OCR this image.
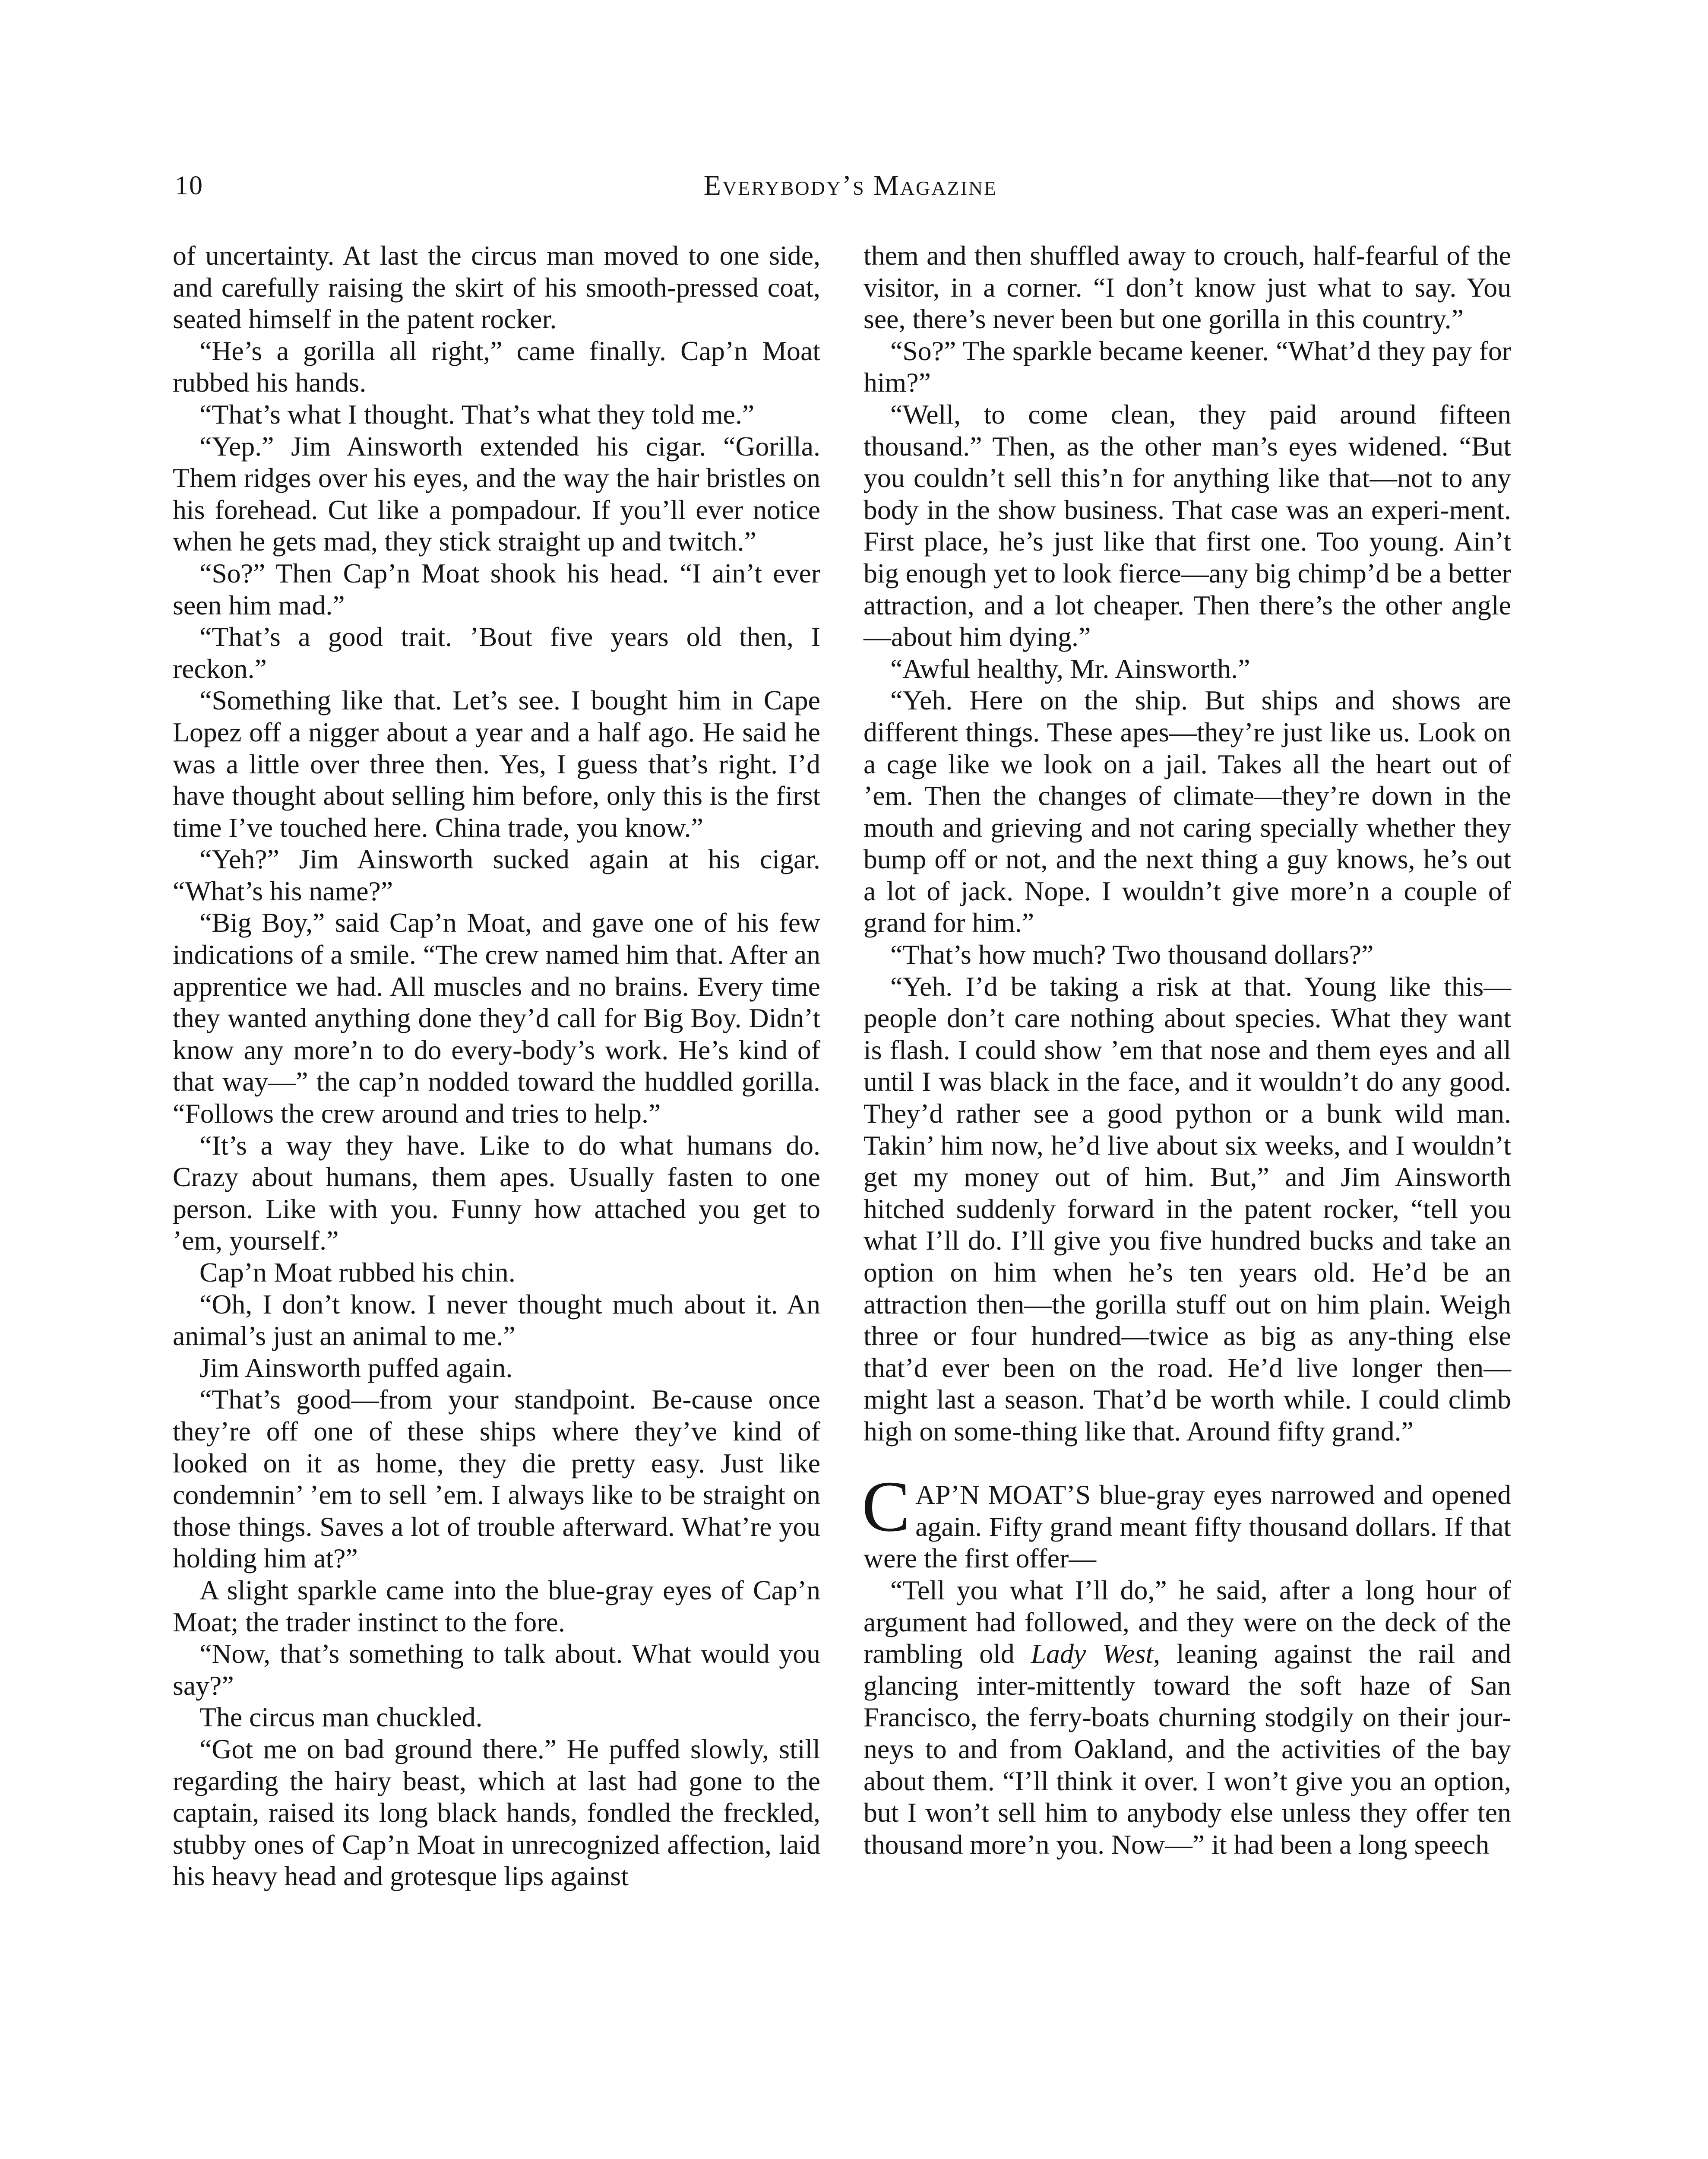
10	Everybody’s Magazine

of uncertainty. At last the circus man moved to one side, and carefully raising the skirt of his smooth-pressed coat, seated himself in the patent rocker.

“He’s a gorilla all right,” came finally. Cap’n Moat rubbed his hands.

“That’s what I thought. That’s what they told me.”

“Yep.” Jim Ainsworth extended his cigar. “Gorilla. Them ridges over his eyes, and the way the hair bristles on his forehead. Cut like a pompadour. If you’ll ever notice when he gets mad, they stick straight up and twitch.”

“So?” Then Cap’n Moat shook his head. “I ain’t ever seen him mad.”

“That’s a good trait. ’Bout five years old then, I reckon.”

“Something like that. Let’s see. I bought him in Cape Lopez off a nigger about a year and a half ago. He said he was a little over three then. Yes, I guess that’s right. I’d have thought about selling him before, only this is the first time I’ve touched here. China trade, you know.”

“Yeh?” Jim Ainsworth sucked again at his cigar. “What’s his name?”

“Big Boy,” said Cap’n Moat, and gave one of his few indications of a smile. “The crew named him that. After an apprentice we had. All muscles and no brains. Every time they wanted anything done they’d call for Big Boy. Didn’t know any more’n to do every-body’s work. He’s kind of that way—” the cap’n nodded toward the huddled gorilla. “Follows the crew around and tries to help.”

“It’s a way they have. Like to do what humans do. Crazy about humans, them apes. Usually fasten to one person. Like with you. Funny how attached you get to ’em, yourself.”

Cap’n Moat rubbed his chin.

“Oh, I don’t know. I never thought much about it. An animal’s just an animal to me.”

Jim Ainsworth puffed again.

“That’s good—from your standpoint. Be-cause once they’re off one of these ships where they’ve kind of looked on it as home, they die pretty easy. Just like condemnin’ ’em to sell ’em. I always like to be straight on those things. Saves a lot of trouble afterward. What’re you holding him at?”

A slight sparkle came into the blue-gray eyes of Cap’n Moat; the trader instinct to the fore.

“Now, that’s something to talk about. What would you say?”

The circus man chuckled.

“Got me on bad ground there.” He puffed slowly, still regarding the hairy beast, which at last had gone to the captain, raised its long black hands, fondled the freckled, stubby ones of Cap’n Moat in unrecognized affection, laid his heavy head and grotesque lips against

them and then shuffled away to crouch, half-fearful of the visitor, in a corner. “I don’t know just what to say. You see, there’s never been but one gorilla in this country.”

“So?” The sparkle became keener. “What’d they pay for him?”

“Well, to come clean, they paid around fifteen thousand.” Then, as the other man’s eyes widened. “But you couldn’t sell this’n for anything like that—not to any body in the show business. That case was an experi-ment. First place, he’s just like that first one. Too young. Ain’t big enough yet to look fierce—any big chimp’d be a better attraction, and a lot cheaper. Then there’s the other angle—about him dying.”

“Awful healthy, Mr. Ainsworth.”

“Yeh. Here on the ship. But ships and shows are different things. These apes—they’re just like us. Look on a cage like we look on a jail. Takes all the heart out of ’em. Then the changes of climate—they’re down in the mouth and grieving and not caring specially whether they bump off or not, and the next thing a guy knows, he’s out a lot of jack. Nope. I wouldn’t give more’n a couple of grand for him.”

“That’s how much? Two thousand dollars?”

“Yeh. I’d be taking a risk at that. Young like this—people don’t care nothing about species. What they want is flash. I could show ’em that nose and them eyes and all until I was black in the face, and it wouldn’t do any good. They’d rather see a good python or a bunk wild man. Takin’ him now, he’d live about six weeks, and I wouldn’t get my money out of him. But,” and Jim Ainsworth hitched suddenly forward in the patent rocker, “tell you what I’ll do. I’ll give you five hundred bucks and take an option on him when he’s ten years old. He’d be an attraction then—the gorilla stuff out on him plain. Weigh three or four hundred—twice as big as any-thing else that’d ever been on the road. He’d live longer then—might last a season. That’d be worth while. I could climb high on some-thing like that. Around fifty grand.”

CAP’N MOAT’S blue-gray eyes narrowed and opened again. Fifty grand meant fifty thousand dollars. If that were the first offer—

“Tell you what I’ll do,” he said, after a long hour of argument had followed, and they were on the deck of the rambling old Lady West, leaning against the rail and glancing inter-mittently toward the soft haze of San Francisco, the ferry-boats churning stodgily on their jour-neys to and from Oakland, and the activities of the bay about them. “I’ll think it over. I won’t give you an option, but I won’t sell him to anybody else unless they offer ten thousand more’n you. Now—” it had been a long speech
